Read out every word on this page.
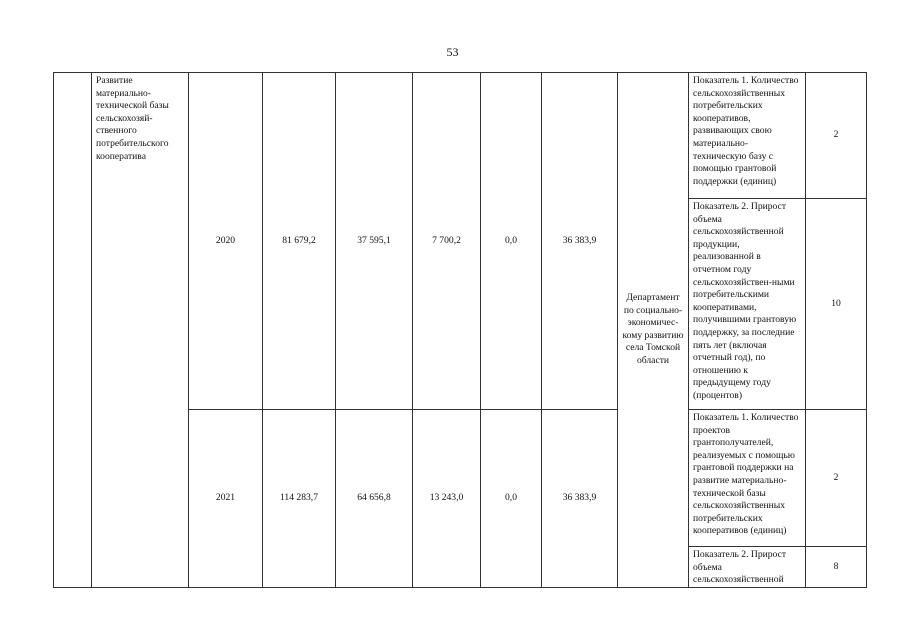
53
	Развитие материально-технической базы сельскохозяй-ственного потребительского кооператива	2020	81 679,2	37 595,1	7 700,2	0,0	36 383,9	Департамент по социально-экономичес-кому развитию села Томской области	Показатель 1. Количество сельскохозяйственных потребительских кооперативов, развивающих свою материально-техническую базу с помощью грантовой поддержки (единиц)	2
									Показатель 2. Прирост объема сельскохозяйственной продукции, реализованной в отчетном году сельскохозяйствен-ными потребительскими кооперативами, получившими грантовую поддержку, за последние пять лет (включая отчетный год), по отношению к предыдущему году (процентов)	10
		2021	114 283,7	64 656,8	13 243,0	0,0	36 383,9		Показатель 1. Количество проектов грантополучателей, реализуемых с помощью грантовой поддержки на развитие материально-технической базы сельскохозяйственных потребительских кооперативов (единиц)	2
									Показатель 2. Прирост объема сельскохозяйственной	8
